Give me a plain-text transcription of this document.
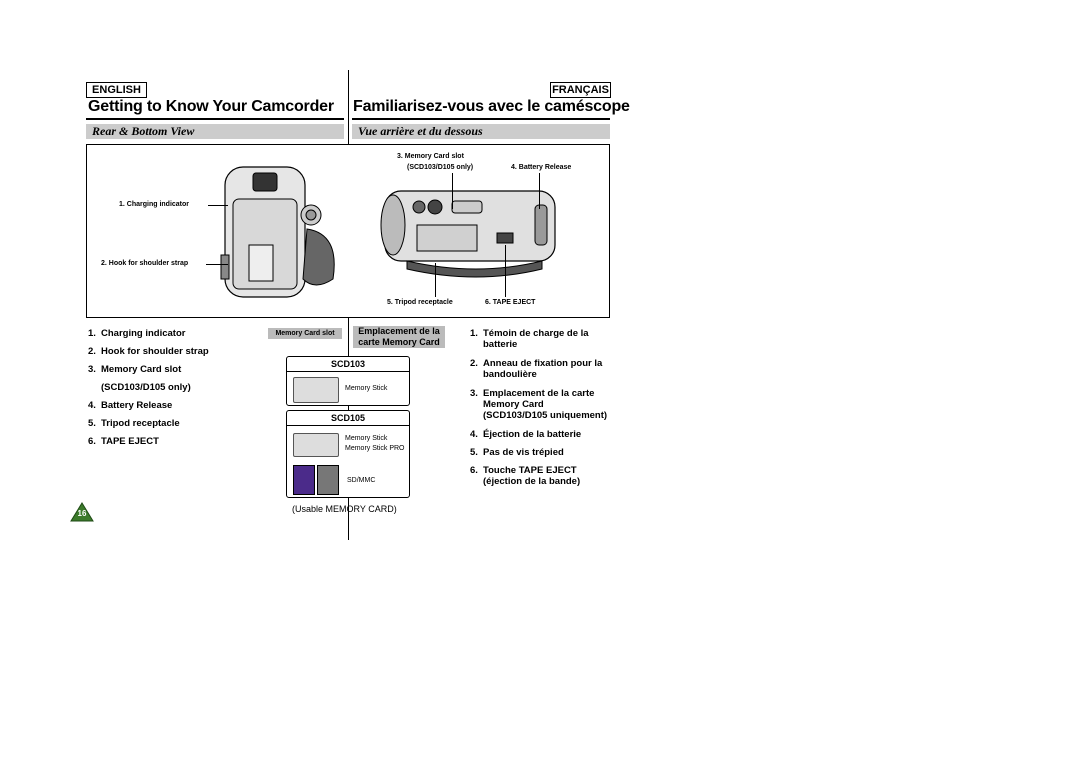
ENGLISH	FRANÇAIS
Getting to Know Your Camcorder Familiarisez-vous avec le caméscope
Rear & Bottom View	Vue arrière et du dessous
1. Charging indicator
2. Hook for shoulder strap
3. Memory Card slot
(SCD103/D105 only)	4. Battery Release
5. Tripod receptacle	6. TAPE EJECT
1. Charging indicator
2. Hook for shoulder strap
3. Memory Card slot
(SCD103/D105 only)
4. Battery Release
5. Tripod receptacle
6. TAPE EJECT
Memory Card slot	Emplacement de la
carte Memory Card
SCD103
Memory Stick
SCD105
Memory Stick
Memory Stick PRO
SD/MMC
(Usable MEMORY CARD)
1. Témoin de charge de la
batterie
2. Anneau de fixation pour la
bandoulière
3. Emplacement de la carte
Memory Card
(SCD103/D105 uniquement)
4. Éjection de la batterie
5. Pas de vis trépied
6. Touche TAPE EJECT
(éjection de la bande)
16
